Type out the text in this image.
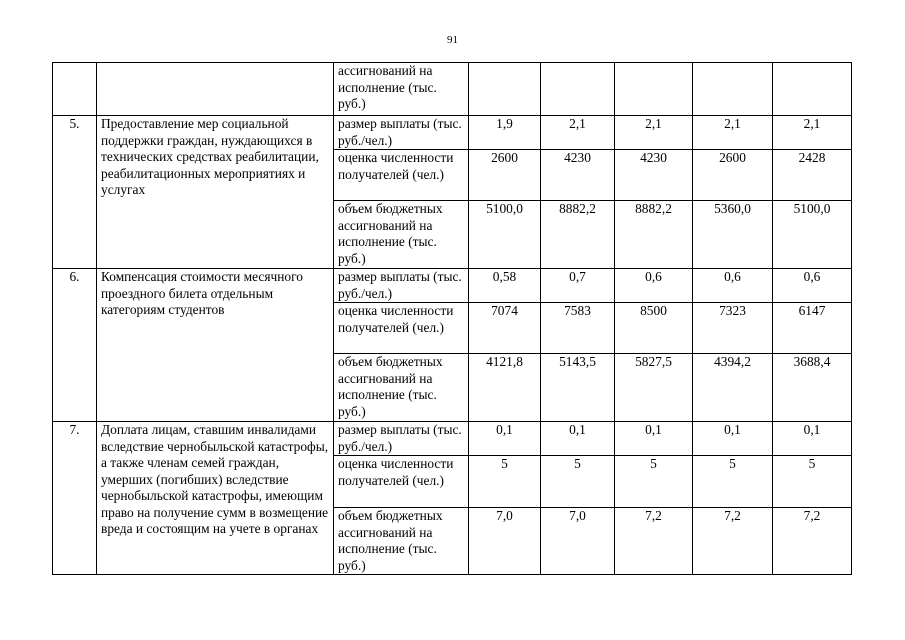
91
		ассигнований на исполнение (тыс. руб.)					
5.	Предоставление мер социальной поддержки граждан, нуждающихся в технических средствах реабилитации, реабилитационных мероприятиях и услугах	размер выплаты (тыс. руб./чел.)	1,9	2,1	2,1	2,1	2,1
		оценка численности получателей (чел.)	2600	4230	4230	2600	2428
		объем бюджетных ассигнований на исполнение (тыс. руб.)	5100,0	8882,2	8882,2	5360,0	5100,0
6.	Компенсация стоимости месячного проездного билета отдельным категориям студентов	размер выплаты (тыс. руб./чел.)	0,58	0,7	0,6	0,6	0,6
		оценка численности получателей (чел.)	7074	7583	8500	7323	6147
		объем бюджетных ассигнований на исполнение (тыс. руб.)	4121,8	5143,5	5827,5	4394,2	3688,4
7.	Доплата лицам, ставшим инвалидами вследствие чернобыльской катастрофы, а также членам семей граждан, умерших (погибших) вследствие чернобыльской катастрофы, имеющим право на получение сумм в возмещение вреда и состоящим на учете в органах	размер выплаты (тыс. руб./чел.)	0,1	0,1	0,1	0,1	0,1
		оценка численности получателей (чел.)	5	5	5	5	5
		объем бюджетных ассигнований на исполнение (тыс. руб.)	7,0	7,0	7,2	7,2	7,2
